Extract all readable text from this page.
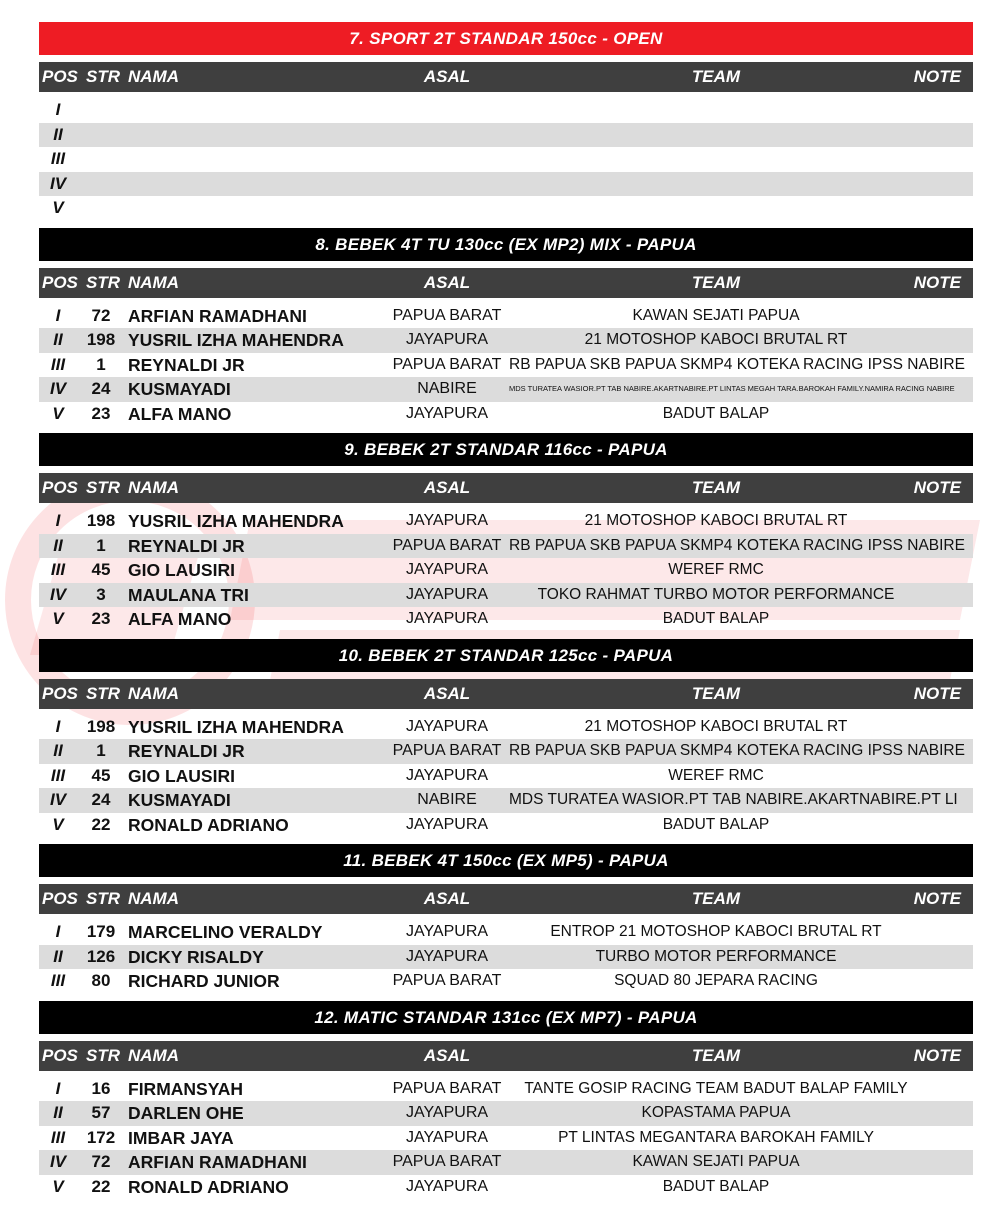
7. SPORT 2T STANDAR 150cc - OPEN
POS STR NAMA	ASAL	TEAM	NOTE
I
II
III
IV
V
8. BEBEK 4T TU 130cc (EX MP2) MIX - PAPUA
POS STR NAMA	ASAL	TEAM	NOTE
I	72	ARFIAN RAMADHANI	PAPUA BARAT	KAWAN SEJATI PAPUA
II	198 YUSRIL IZHA MAHENDRA	JAYAPURA	21 MOTOSHOP KABOCI BRUTAL RT
III	1	REYNALDI JR	PAPUA BARAT RB PAPUA SKB PAPUA SKMP4 KOTEKA RACING IPSS NABIRE
IV	24	KUSMAYADI	NABIRE	MDS TURATEA WASIOR.PT TAB NABIRE.AKARTNABIRE.PT LINTAS MEGAH TARA.BAROKAH FAMILY.NAMIRA RACING NABIRE
V	23	ALFA MANO	JAYAPURA	BADUT BALAP
9. BEBEK 2T STANDAR 116cc - PAPUA
POS STR NAMA	ASAL	TEAM	NOTE
I	198 YUSRIL IZHA MAHENDRA	JAYAPURA	21 MOTOSHOP KABOCI BRUTAL RT
II	1	REYNALDI JR	PAPUA BARAT RB PAPUA SKB PAPUA SKMP4 KOTEKA RACING IPSS NABIRE
III	45	GIO LAUSIRI	JAYAPURA	WEREF RMC
IV	3	MAULANA TRI	JAYAPURA	TOKO RAHMAT TURBO MOTOR PERFORMANCE
V	23	ALFA MANO	JAYAPURA	BADUT BALAP
10. BEBEK 2T STANDAR 125cc - PAPUA
POS STR NAMA	ASAL	TEAM	NOTE
I	198 YUSRIL IZHA MAHENDRA	JAYAPURA	21 MOTOSHOP KABOCI BRUTAL RT
II	1	REYNALDI JR	PAPUA BARAT RB PAPUA SKB PAPUA SKMP4 KOTEKA RACING IPSS NABIRE
III	45	GIO LAUSIRI	JAYAPURA	WEREF RMC
IV	24	KUSMAYADI	NABIRE	MDS TURATEA WASIOR.PT TAB NABIRE.AKARTNABIRE.PT LI
V	22	RONALD ADRIANO	JAYAPURA	BADUT BALAP
11. BEBEK 4T 150cc (EX MP5) - PAPUA
POS STR NAMA	ASAL	TEAM	NOTE
I	179 MARCELINO VERALDY	JAYAPURA	ENTROP 21 MOTOSHOP KABOCI BRUTAL RT
II	126 DICKY RISALDY	JAYAPURA	TURBO MOTOR PERFORMANCE
III	80	RICHARD JUNIOR	PAPUA BARAT	SQUAD 80 JEPARA RACING
12. MATIC STANDAR 131cc (EX MP7) - PAPUA
POS STR NAMA	ASAL	TEAM	NOTE
I	16	FIRMANSYAH	PAPUA BARAT	TANTE GOSIP RACING TEAM BADUT BALAP FAMILY
II	57	DARLEN OHE	JAYAPURA	KOPASTAMA PAPUA
III	172 IMBAR JAYA	JAYAPURA	PT LINTAS MEGANTARA BAROKAH FAMILY
IV	72	ARFIAN RAMADHANI	PAPUA BARAT	KAWAN SEJATI PAPUA
V	22	RONALD ADRIANO	JAYAPURA	BADUT BALAP
